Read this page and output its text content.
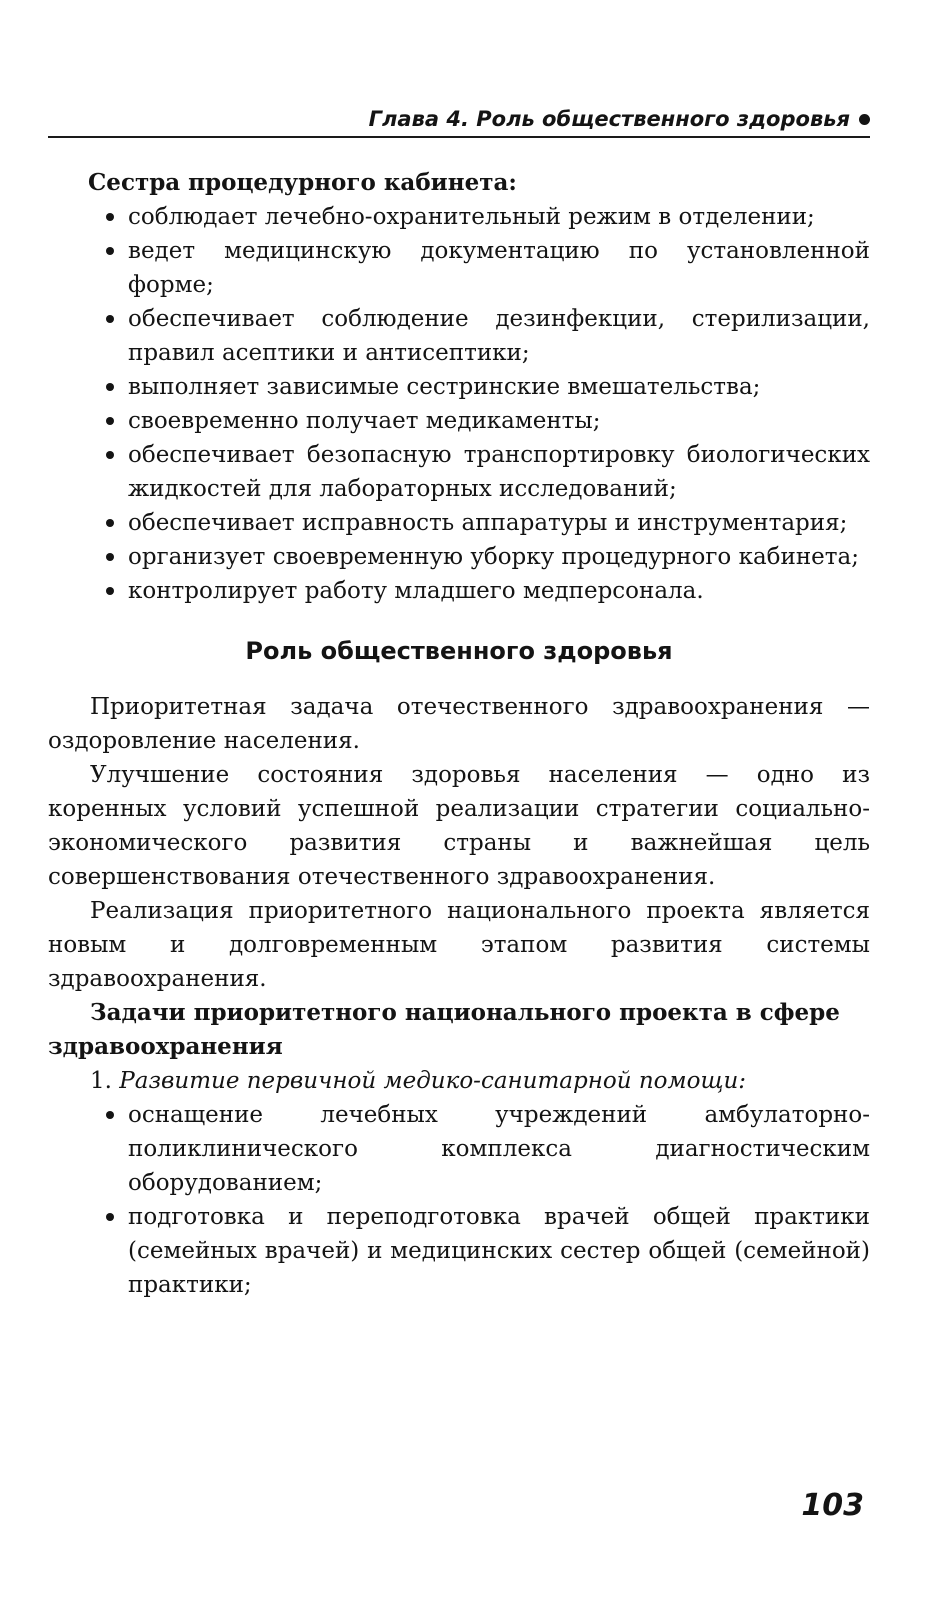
Глава 4. Роль общественного здоровья
Сестра процедурного кабинета:
соблюдает лечебно-охранительный режим в отделении;
ведет медицинскую документацию по установленной форме;
обеспечивает соблюдение дезинфекции, стерилизации, правил асептики и антисептики;
выполняет зависимые сестринские вмешательства;
своевременно получает медикаменты;
обеспечивает безопасную транспортировку биологических жидкостей для лабораторных исследований;
обеспечивает исправность аппаратуры и инструментария;
организует своевременную уборку процедурного кабинета;
контролирует работу младшего медперсонала.
Роль общественного здоровья

Приоритетная задача отечественного здравоохранения — оздоровление населения.

Улучшение состояния здоровья населения — одно из коренных условий успешной реализации стратегии социально-экономического развития страны и важнейшая цель совершенствования отечественного здравоохранения.

Реализация приоритетного национального проекта является новым и долговременным этапом развития системы здравоохранения.

Задачи приоритетного национального проекта в сфере здравоохранения
1. Развитие первичной медико-санитарной помощи:
оснащение лечебных учреждений амбулаторно-поликлинического комплекса диагностическим оборудованием;
подготовка и переподготовка врачей общей практики (семейных врачей) и медицинских сестер общей (семейной) практики;
103
